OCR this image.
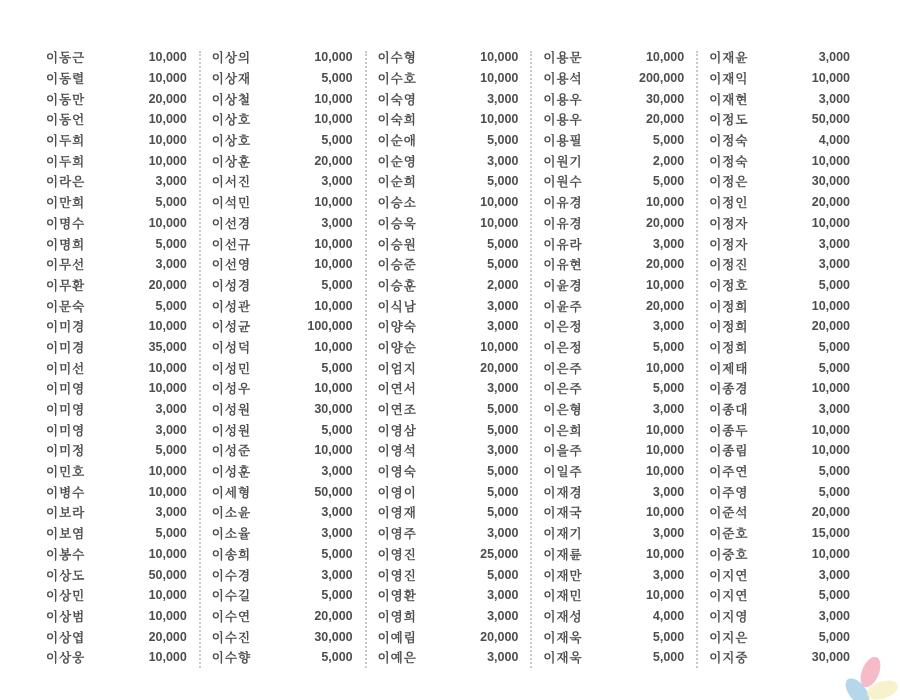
이동근	10,000
이동렬	10,000
이동만	20,000
이동언	10,000
이두희	10,000
이두희	10,000
이라은	3,000
이만희	5,000
이명수	10,000
이명희	5,000
이무선	3,000
이무환	20,000
이문숙	5,000
이미경	10,000
이미경	35,000
이미선	10,000
이미영	10,000
이미영	3,000
이미영	3,000
이미정	5,000
이민호	10,000
이병수	10,000
이보라	3,000
이보염	5,000
이봉수	10,000
이상도	50,000
이상민	10,000
이상범	10,000
이상엽	20,000
이상웅	10,000
이상의	10,000
이상재	5,000
이상철	10,000
이상호	10,000
이상호	5,000
이상훈	20,000
이서진	3,000
이석민	10,000
이선경	3,000
이선규	10,000
이선영	10,000
이성경	5,000
이성관	10,000
이성균	100,000
이성덕	10,000
이성민	5,000
이성우	10,000
이성원	30,000
이성원	5,000
이성준	10,000
이성훈	3,000
이세형	50,000
이소윤	3,000
이소율	3,000
이송희	5,000
이수경	3,000
이수길	5,000
이수연	20,000
이수진	30,000
이수향	5,000
이수형	10,000
이수호	10,000
이숙영	3,000
이숙희	10,000
이순애	5,000
이순영	3,000
이순희	5,000
이승소	10,000
이승욱	10,000
이승원	5,000
이승준	5,000
이승훈	2,000
이식남	3,000
이양숙	3,000
이양순	10,000
이엄지	20,000
이연서	3,000
이연조	5,000
이영삼	5,000
이영석	3,000
이영숙	5,000
이영이	5,000
이영재	5,000
이영주	3,000
이영진	25,000
이영진	5,000
이영환	3,000
이영희	3,000
이예림	20,000
이예은	3,000
이용문	10,000
이용석	200,000
이용우	30,000
이용우	20,000
이용필	5,000
이원기	2,000
이원수	5,000
이유경	10,000
이유경	20,000
이유라	3,000
이유현	20,000
이윤경	10,000
이윤주	20,000
이은정	3,000
이은정	5,000
이은주	10,000
이은주	5,000
이은형	3,000
이은희	10,000
이을주	10,000
이일주	10,000
이재경	3,000
이재국	10,000
이재기	3,000
이재륜	10,000
이재만	3,000
이재민	10,000
이재성	4,000
이재욱	5,000
이재욱	5,000
이재윤	3,000
이재익	10,000
이재현	3,000
이정도	50,000
이정숙	4,000
이정숙	10,000
이정은	30,000
이정인	20,000
이정자	10,000
이정자	3,000
이정진	3,000
이정호	5,000
이정희	10,000
이정희	20,000
이정희	5,000
이제태	5,000
이종경	10,000
이종대	3,000
이종두	10,000
이종림	10,000
이주연	5,000
이주영	5,000
이준석	20,000
이준호	15,000
이중호	10,000
이지연	3,000
이지연	5,000
이지영	3,000
이지은	5,000
이지중	30,000
